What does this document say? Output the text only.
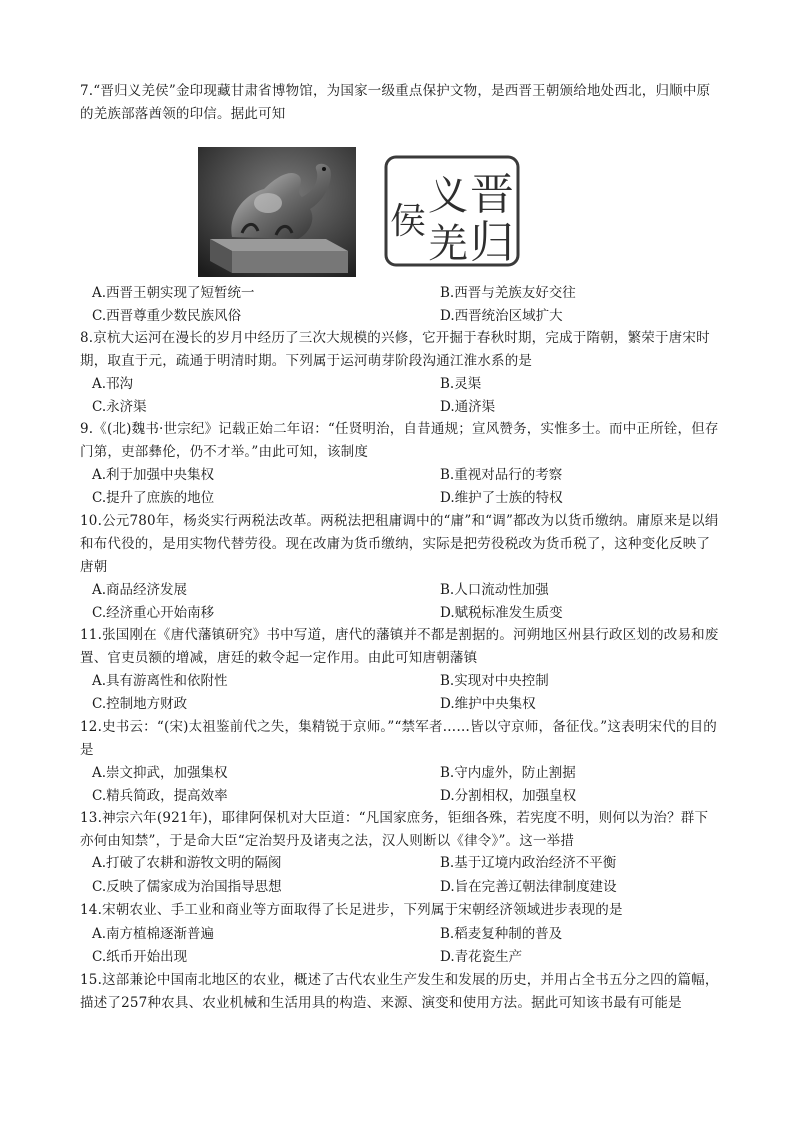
7.“晋归义羌侯”金印现藏甘肃省博物馆，为国家一级重点保护文物，是西晋王朝颁给地处西北，归顺中原的羌族部落酋领的印信。据此可知

晋
归
义
羌
侯

A.西晋王朝实现了短暂统一	B.西晋与羌族友好交往

C.西晋尊重少数民族风俗	D.西晋统治区域扩大

8.京杭大运河在漫长的岁月中经历了三次大规模的兴修，它开掘于春秋时期，完成于隋朝，繁荣于唐宋时期，取直于元，疏通于明清时期。下列属于运河萌芽阶段沟通江淮水系的是

A.邗沟	B.灵渠

C.永济渠	D.通济渠

9.《(北)魏书·世宗纪》记载正始二年诏：“任贤明治，自昔通规；宣风赞务，实惟多士。而中正所铨，但存门第，吏部彝伦，仍不才举。”由此可知，该制度

A.利于加强中央集权	B.重视对品行的考察

C.提升了庶族的地位	D.维护了士族的特权

10.公元780年，杨炎实行两税法改革。两税法把租庸调中的“庸”和“调”都改为以货币缴纳。庸原来是以绢和布代役的，是用实物代替劳役。现在改庸为货币缴纳，实际是把劳役税改为货币税了，这种变化反映了唐朝

A.商品经济发展	B.人口流动性加强

C.经济重心开始南移	D.赋税标准发生质变

11.张国刚在《唐代藩镇研究》书中写道，唐代的藩镇并不都是割据的。河朔地区州县行政区划的改易和废置、官吏员额的增减，唐廷的敕令起一定作用。由此可知唐朝藩镇

A.具有游离性和依附性	B.实现对中央控制

C.控制地方财政	D.维护中央集权

12.史书云：“(宋)太祖鉴前代之失，集精锐于京师。”“禁军者……皆以守京师，备征伐。”这表明宋代的目的是

A.崇文抑武，加强集权	B.守内虚外，防止割据

C.精兵简政，提高效率	D.分割相权，加强皇权

13.神宗六年(921年)，耶律阿保机对大臣道：“凡国家庶务，钜细各殊，若宪度不明，则何以为治？群下亦何由知禁”，于是命大臣“定治契丹及诸夷之法，汉人则断以《律令》”。这一举措

A.打破了农耕和游牧文明的隔阂	B.基于辽境内政治经济不平衡

C.反映了儒家成为治国指导思想	D.旨在完善辽朝法律制度建设

14.宋朝农业、手工业和商业等方面取得了长足进步，下列属于宋朝经济领域进步表现的是

A.南方植棉逐渐普遍	B.稻麦复种制的普及

C.纸币开始出现	D.青花瓷生产

15.这部兼论中国南北地区的农业，概述了古代农业生产发生和发展的历史，并用占全书五分之四的篇幅，描述了257种农具、农业机械和生活用具的构造、来源、演变和使用方法。据此可知该书最有可能是
